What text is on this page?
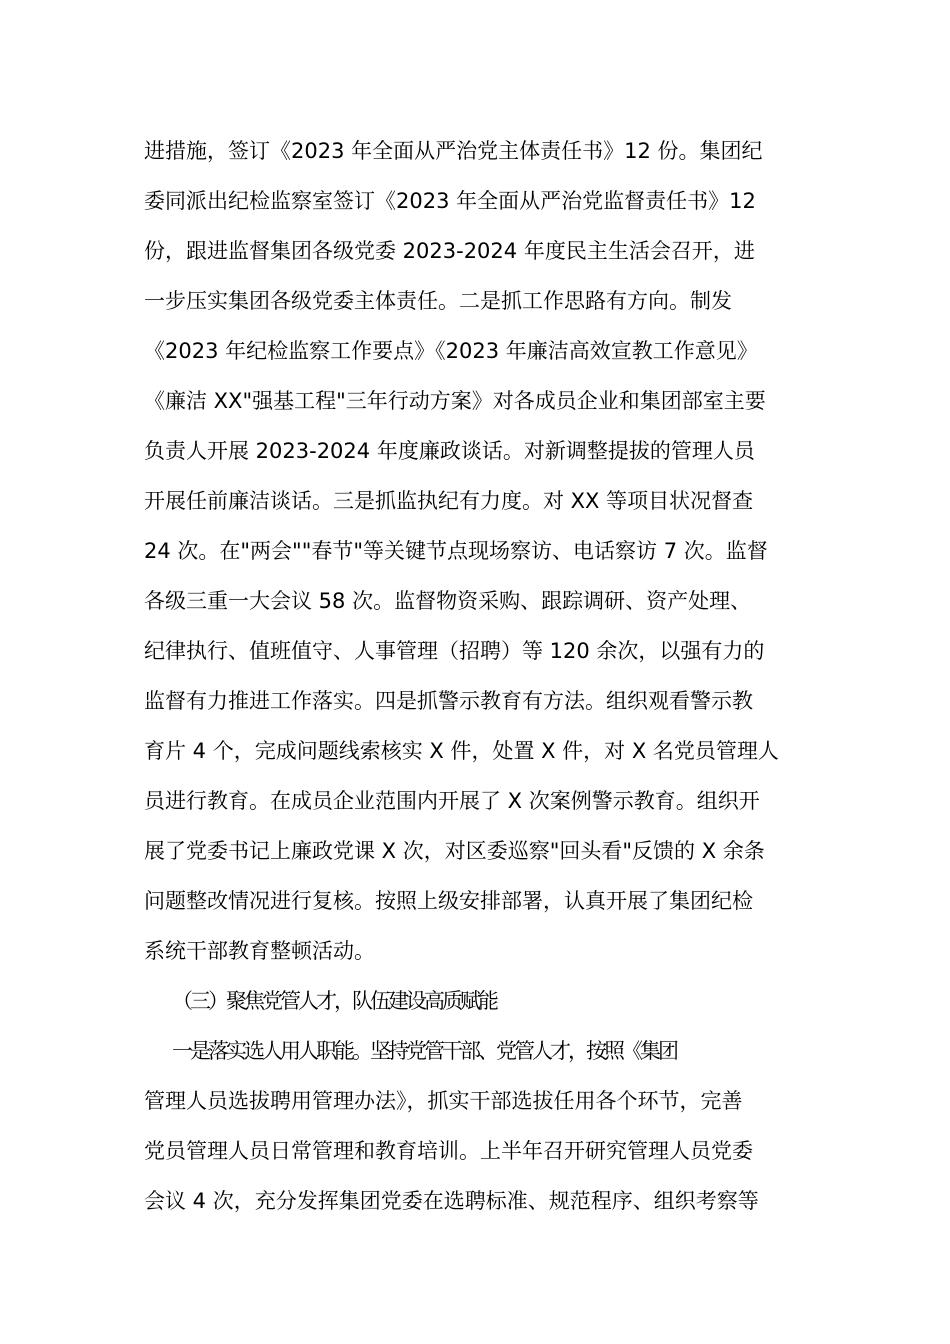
进措施，签订《2023 年全面从严治党主体责任书》12 份。集团纪
委同派出纪检监察室签订《2023 年全面从严治党监督责任书》12
份，跟进监督集团各级党委 2023-2024 年度民主生活会召开，进
一步压实集团各级党委主体责任。二是抓工作思路有方向。制发
《2023 年纪检监察工作要点》《2023 年廉洁高效宣教工作意见》
《廉洁 XX"强基工程"三年行动方案》对各成员企业和集团部室主要
负责人开展 2023-2024 年度廉政谈话。对新调整提拔的管理人员
开展任前廉洁谈话。三是抓监执纪有力度。对 XX 等项目状况督查
24 次。在"两会""春节"等关键节点现场察访、电话察访 7 次。监督
各级三重一大会议 58 次。监督物资采购、跟踪调研、资产处理、
纪律执行、值班值守、人事管理（招聘）等 120 余次，以强有力的
监督有力推进工作落实。四是抓警示教育有方法。组织观看警示教
育片 4 个，完成问题线索核实 X 件，处置 X 件，对 X 名党员管理人
员进行教育。在成员企业范围内开展了 X 次案例警示教育。组织开
展了党委书记上廉政党课 X 次，对区委巡察"回头看"反馈的 X 余条
问题整改情况进行复核。按照上级安排部署，认真开展了集团纪检
系统干部教育整顿活动。
（三）聚焦党管人才，队伍建设高质赋能
一是落实选人用人职能。坚持党管干部、党管人才，按照《集团
管理人员选拔聘用管理办法》，抓实干部选拔任用各个环节，完善
党员管理人员日常管理和教育培训。上半年召开研究管理人员党委
会议 4 次，充分发挥集团党委在选聘标准、规范程序、组织考察等
